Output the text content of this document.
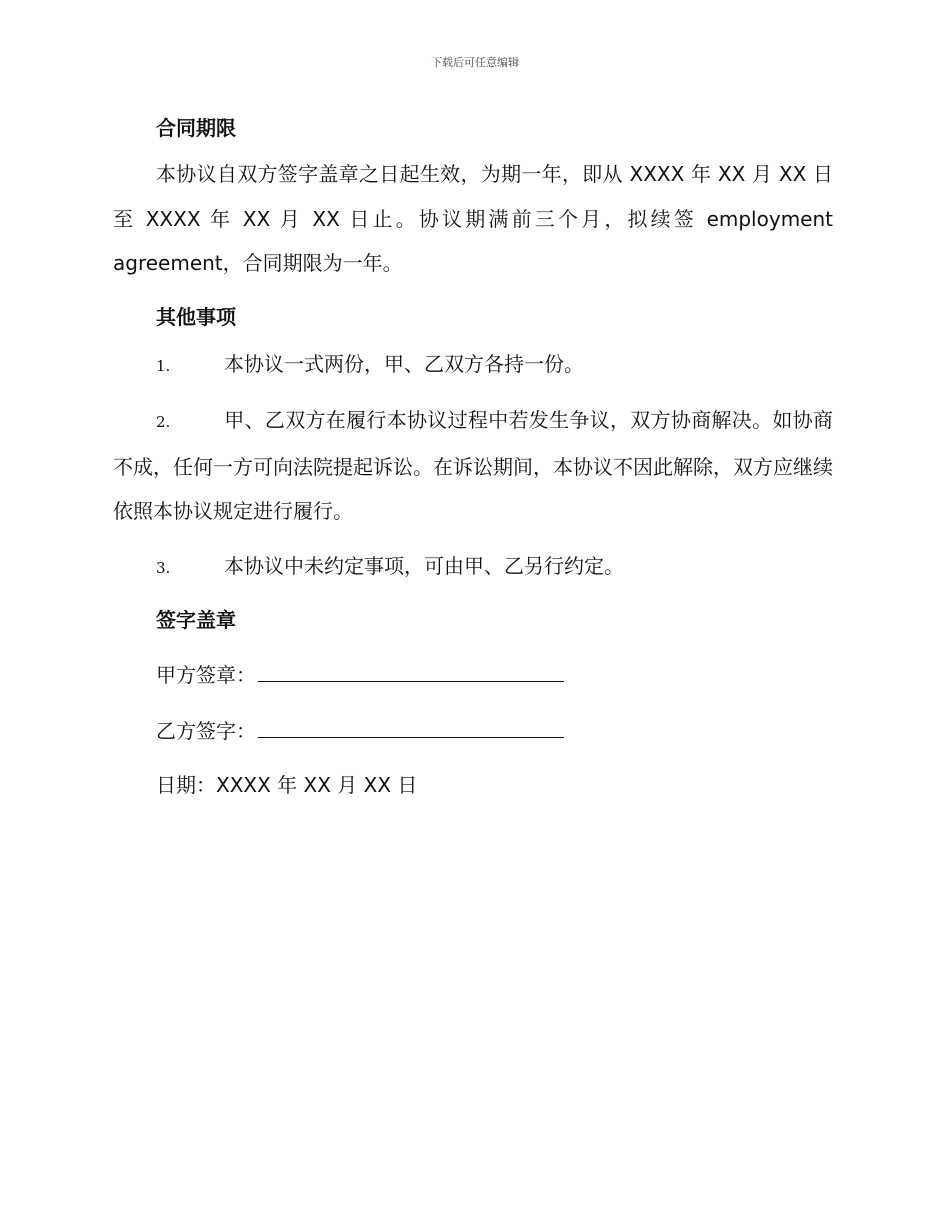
下载后可任意编辑

合同期限

本协议自双方签字盖章之日起生效，为期一年，即从 XXXX 年 XX 月 XX 日至 XXXX 年 XX 月 XX 日止。协议期满前三个月，拟续签 employment agreement，合同期限为一年。

其他事项

1.	本协议一式两份，甲、乙双方各持一份。

2.	甲、乙双方在履行本协议过程中若发生争议，双方协商解决。如协商不成，任何一方可向法院提起诉讼。在诉讼期间，本协议不因此解除，双方应继续依照本协议规定进行履行。

3.	本协议中未约定事项，可由甲、乙另行约定。

签字盖章

甲方签章：

乙方签字：

日期：XXXX 年 XX 月 XX 日
